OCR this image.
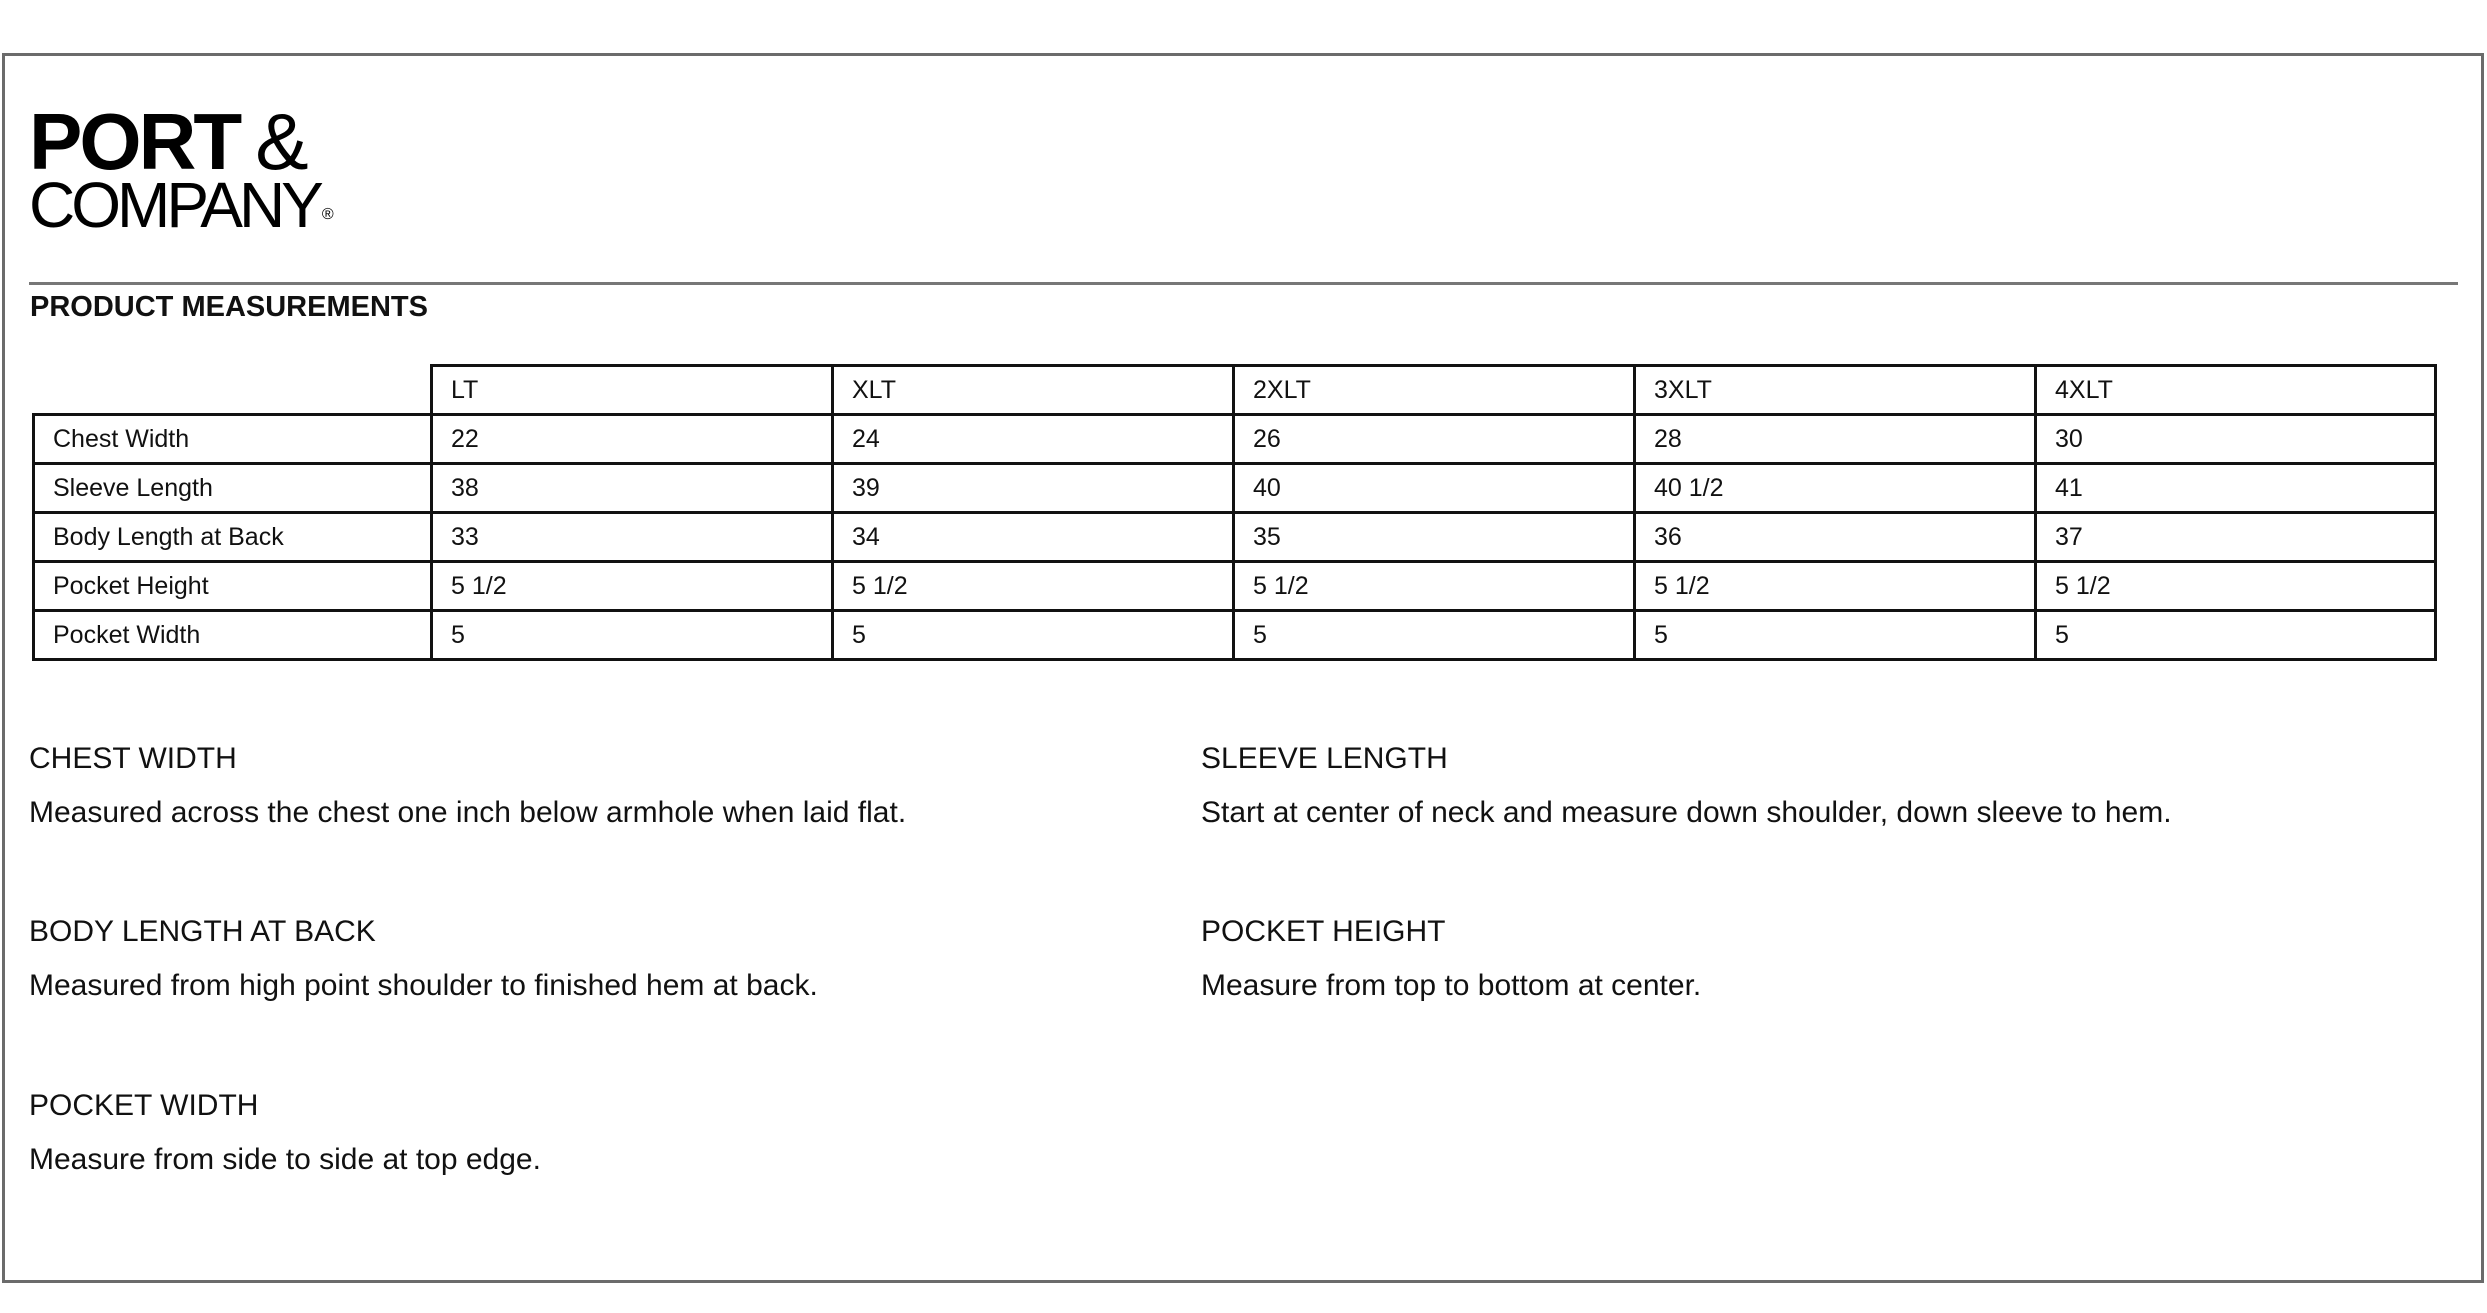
PORT &
COMPANY ®
PRODUCT MEASUREMENTS
	LT	XLT	2XLT	3XLT	4XLT
Chest Width	22	24	26	28	30
Sleeve Length	38	39	40	40 1/2	41
Body Length at Back	33	34	35	36	37
Pocket Height	5 1/2	5 1/2	5 1/2	5 1/2	5 1/2
Pocket Width	5	5	5	5	5
CHEST WIDTH
Measured across the chest one inch below armhole when laid flat.
SLEEVE LENGTH
Start at center of neck and measure down shoulder, down sleeve to hem.
BODY LENGTH AT BACK
Measured from high point shoulder to finished hem at back.
POCKET HEIGHT
Measure from top to bottom at center.
POCKET WIDTH
Measure from side to side at top edge.
